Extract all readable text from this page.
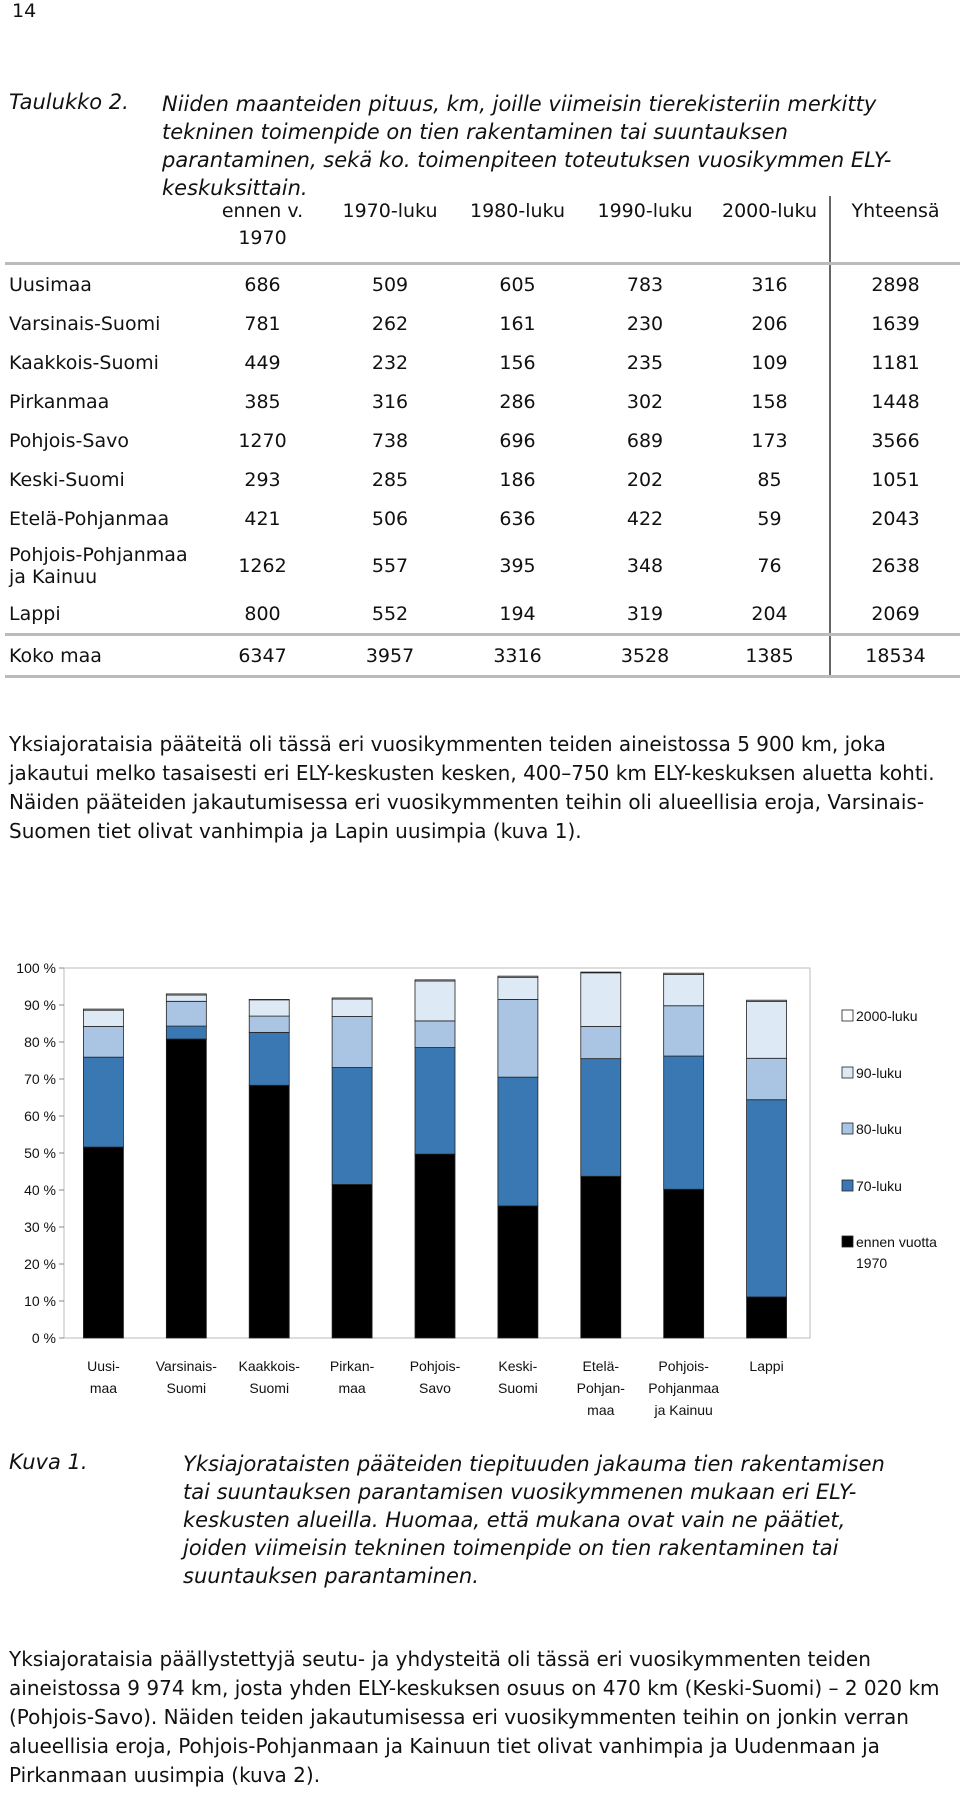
14
Taulukko 2. Niiden maanteiden pituus, km, joille viimeisin tierekisteriin merkitty tekninen toimenpide on tien rakentaminen tai suuntauksen parantaminen, sekä ko. toimenpiteen toteutuksen vuosikymmen ELY-keskuksittain.
	ennen v. 1970	1970-luku	1980-luku	1990-luku	2000-luku	Yhteensä
Uusimaa	686	509	605	783	316	2898
Varsinais-Suomi	781	262	161	230	206	1639
Kaakkois-Suomi	449	232	156	235	109	1181
Pirkanmaa	385	316	286	302	158	1448
Pohjois-Savo	1270	738	696	689	173	3566
Keski-Suomi	293	285	186	202	85	1051
Etelä-Pohjanmaa	421	506	636	422	59	2043
Pohjois-Pohjanmaa ja Kainuu	1262	557	395	348	76	2638
Lappi	800	552	194	319	204	2069
Koko maa	6347	3957	3316	3528	1385	18534
Yksiajorataisia pääteitä oli tässä eri vuosikymmenten teiden aineistossa 5 900 km, joka jakautui melko tasaisesti eri ELY-keskusten kesken, 400–750 km ELY-keskuksen aluetta kohti. Näiden pääteiden jakautumisessa eri vuosikymmenten teihin oli alueellisia eroja, Varsinais-Suomen tiet olivat vanhimpia ja Lapin uusimpia (kuva 1).
0 %
10 %
20 %
30 %
40 %
50 %
60 %
70 %
80 %
90 %
100 %
Uusi-
maa
Varsinais-
Suomi
Kaakkois-
Suomi
Pirkan-
maa
Pohjois-
Savo
Keski-
Suomi
Etelä-
Pohjan-
maa
Pohjois-
Pohjanmaa
ja Kainuu
Lappi
2000-luku
90-luku
80-luku
70-luku
ennen vuotta
1970
Kuva 1.	Yksiajorataisten pääteiden tiepituuden jakauma tien rakentamisen tai suuntauksen parantamisen vuosikymmenen mukaan eri ELY-keskusten alueilla. Huomaa, että mukana ovat vain ne päätiet, joiden viimeisin tekninen toimenpide on tien rakentaminen tai suuntauksen parantaminen.
Yksiajorataisia päällystettyjä seutu- ja yhdysteitä oli tässä eri vuosikymmenten teiden aineistossa 9 974 km, josta yhden ELY-keskuksen osuus on 470 km (Keski-Suomi) – 2 020 km (Pohjois-Savo). Näiden teiden jakautumisessa eri vuosikymmenten teihin on jonkin verran alueellisia eroja, Pohjois-Pohjanmaan ja Kainuun tiet olivat vanhimpia ja Uudenmaan ja Pirkanmaan uusimpia (kuva 2).
